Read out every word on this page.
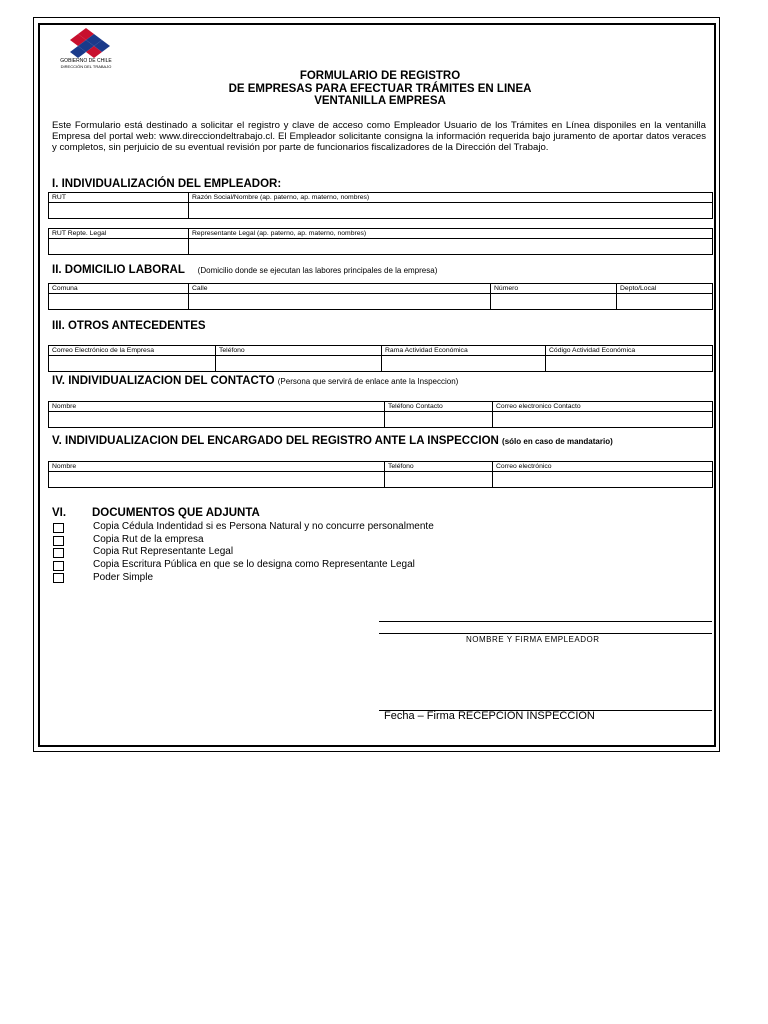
GOBIERNO DE CHILE
DIRECCIÓN DEL TRABAJO
FORMULARIO DE REGISTRO
DE EMPRESAS PARA EFECTUAR TRÁMITES EN LINEA
VENTANILLA EMPRESA
Este Formulario está destinado a solicitar el registro y clave de acceso como Empleador Usuario de los Trámites en Línea disponiles en la ventanilla Empresa del portal web: www.direcciondeltrabajo.cl. El Empleador solicitante consigna la información requerida bajo juramento de aportar datos veraces y completos, sin perjuicio de su eventual revisión por parte de funcionarios fiscalizadores de la Dirección del Trabajo.
I. INDIVIDUALIZACIÓN DEL EMPLEADOR:
RUT	Razón Social/Nombre (ap. paterno, ap. materno, nombres)
RUT Repte. Legal	Representante Legal (ap. paterno, ap. materno, nombres)
II. DOMICILIO LABORAL (Domicilio donde se ejecutan las labores principales de la empresa)
Comuna	Calle	Número	Depto/Local
III. OTROS ANTECEDENTES
Correo Electrónico de la Empresa	Teléfono	Rama Actividad Económica	Código Actividad Económica
IV. INDIVIDUALIZACION DEL CONTACTO (Persona que servirá de enlace ante la Inspeccion)
Nombre	Teléfono Contacto	Correo electronico Contacto
V. INDIVIDUALIZACION DEL ENCARGADO DEL REGISTRO ANTE LA INSPECCION (sólo en caso de mandatario)
Nombre	Teléfono	Correo electrónico
VI. DOCUMENTOS QUE ADJUNTA
Copia Cédula Indentidad si es Persona Natural y no concurre personalmente
Copia Rut de la empresa
Copia Rut Representante Legal
Copia Escritura Pública en que se lo designa como Representante Legal
Poder Simple
NOMBRE Y FIRMA EMPLEADOR
Fecha – Firma RECEPCION INSPECCION
